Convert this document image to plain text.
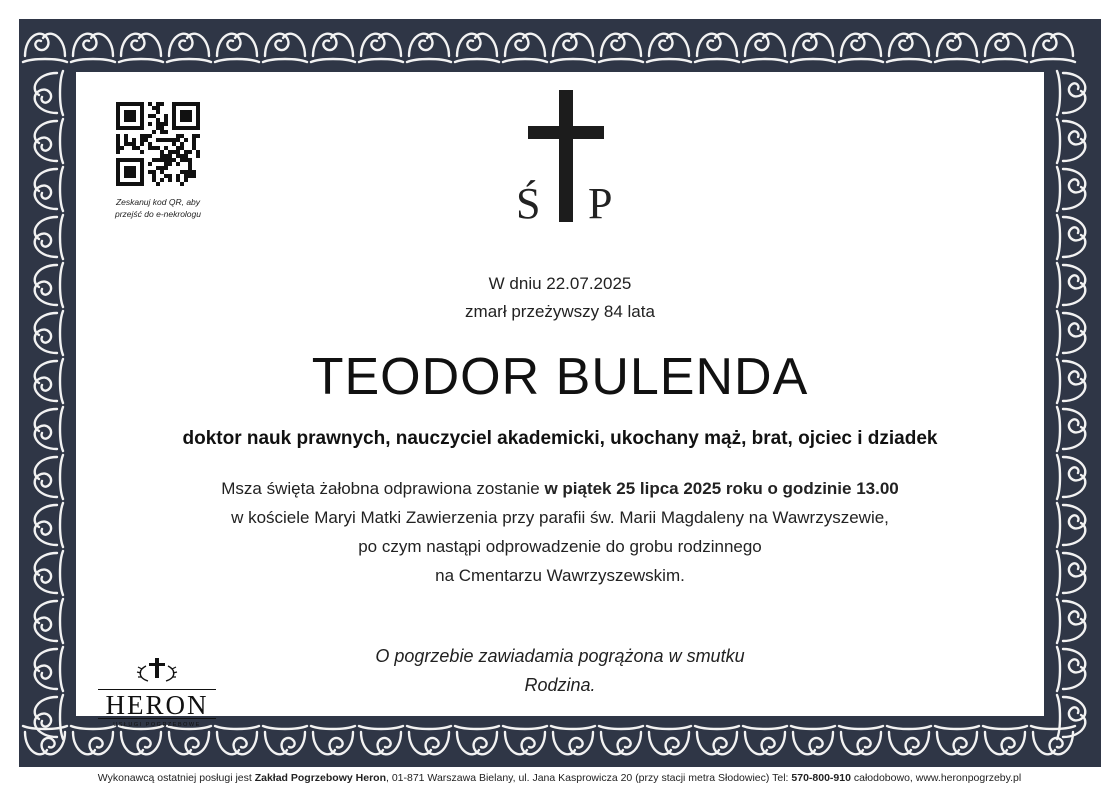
Zeskanuj kod QR, aby
przejść do e-nekrologu	Ś P
W dniu 22.07.2025
zmarł przeżywszy 84 lata
TEODOR BULENDA
doktor nauk prawnych, nauczyciel akademicki, ukochany mąż, brat, ojciec i dziadek
Msza święta żałobna odprawiona zostanie w piątek 25 lipca 2025 roku o godzinie 13.00
w kościele Maryi Matki Zawierzenia przy parafii św. Marii Magdaleny na Wawrzyszewie,
po czym nastąpi odprowadzenie do grobu rodzinnego
na Cmentarzu Wawrzyszewskim.
O pogrzebie zawiadamia pogrążona w smutku
Rodzina.
HERON
USŁUGI POGRZEBOWE
Wykonawcą ostatniej posługi jest Zakład Pogrzebowy Heron, 01-871 Warszawa Bielany, ul. Jana Kasprowicza 20 (przy stacji metra Słodowiec) Tel: 570-800-910 całodobowo, www.heronpogrzeby.pl
